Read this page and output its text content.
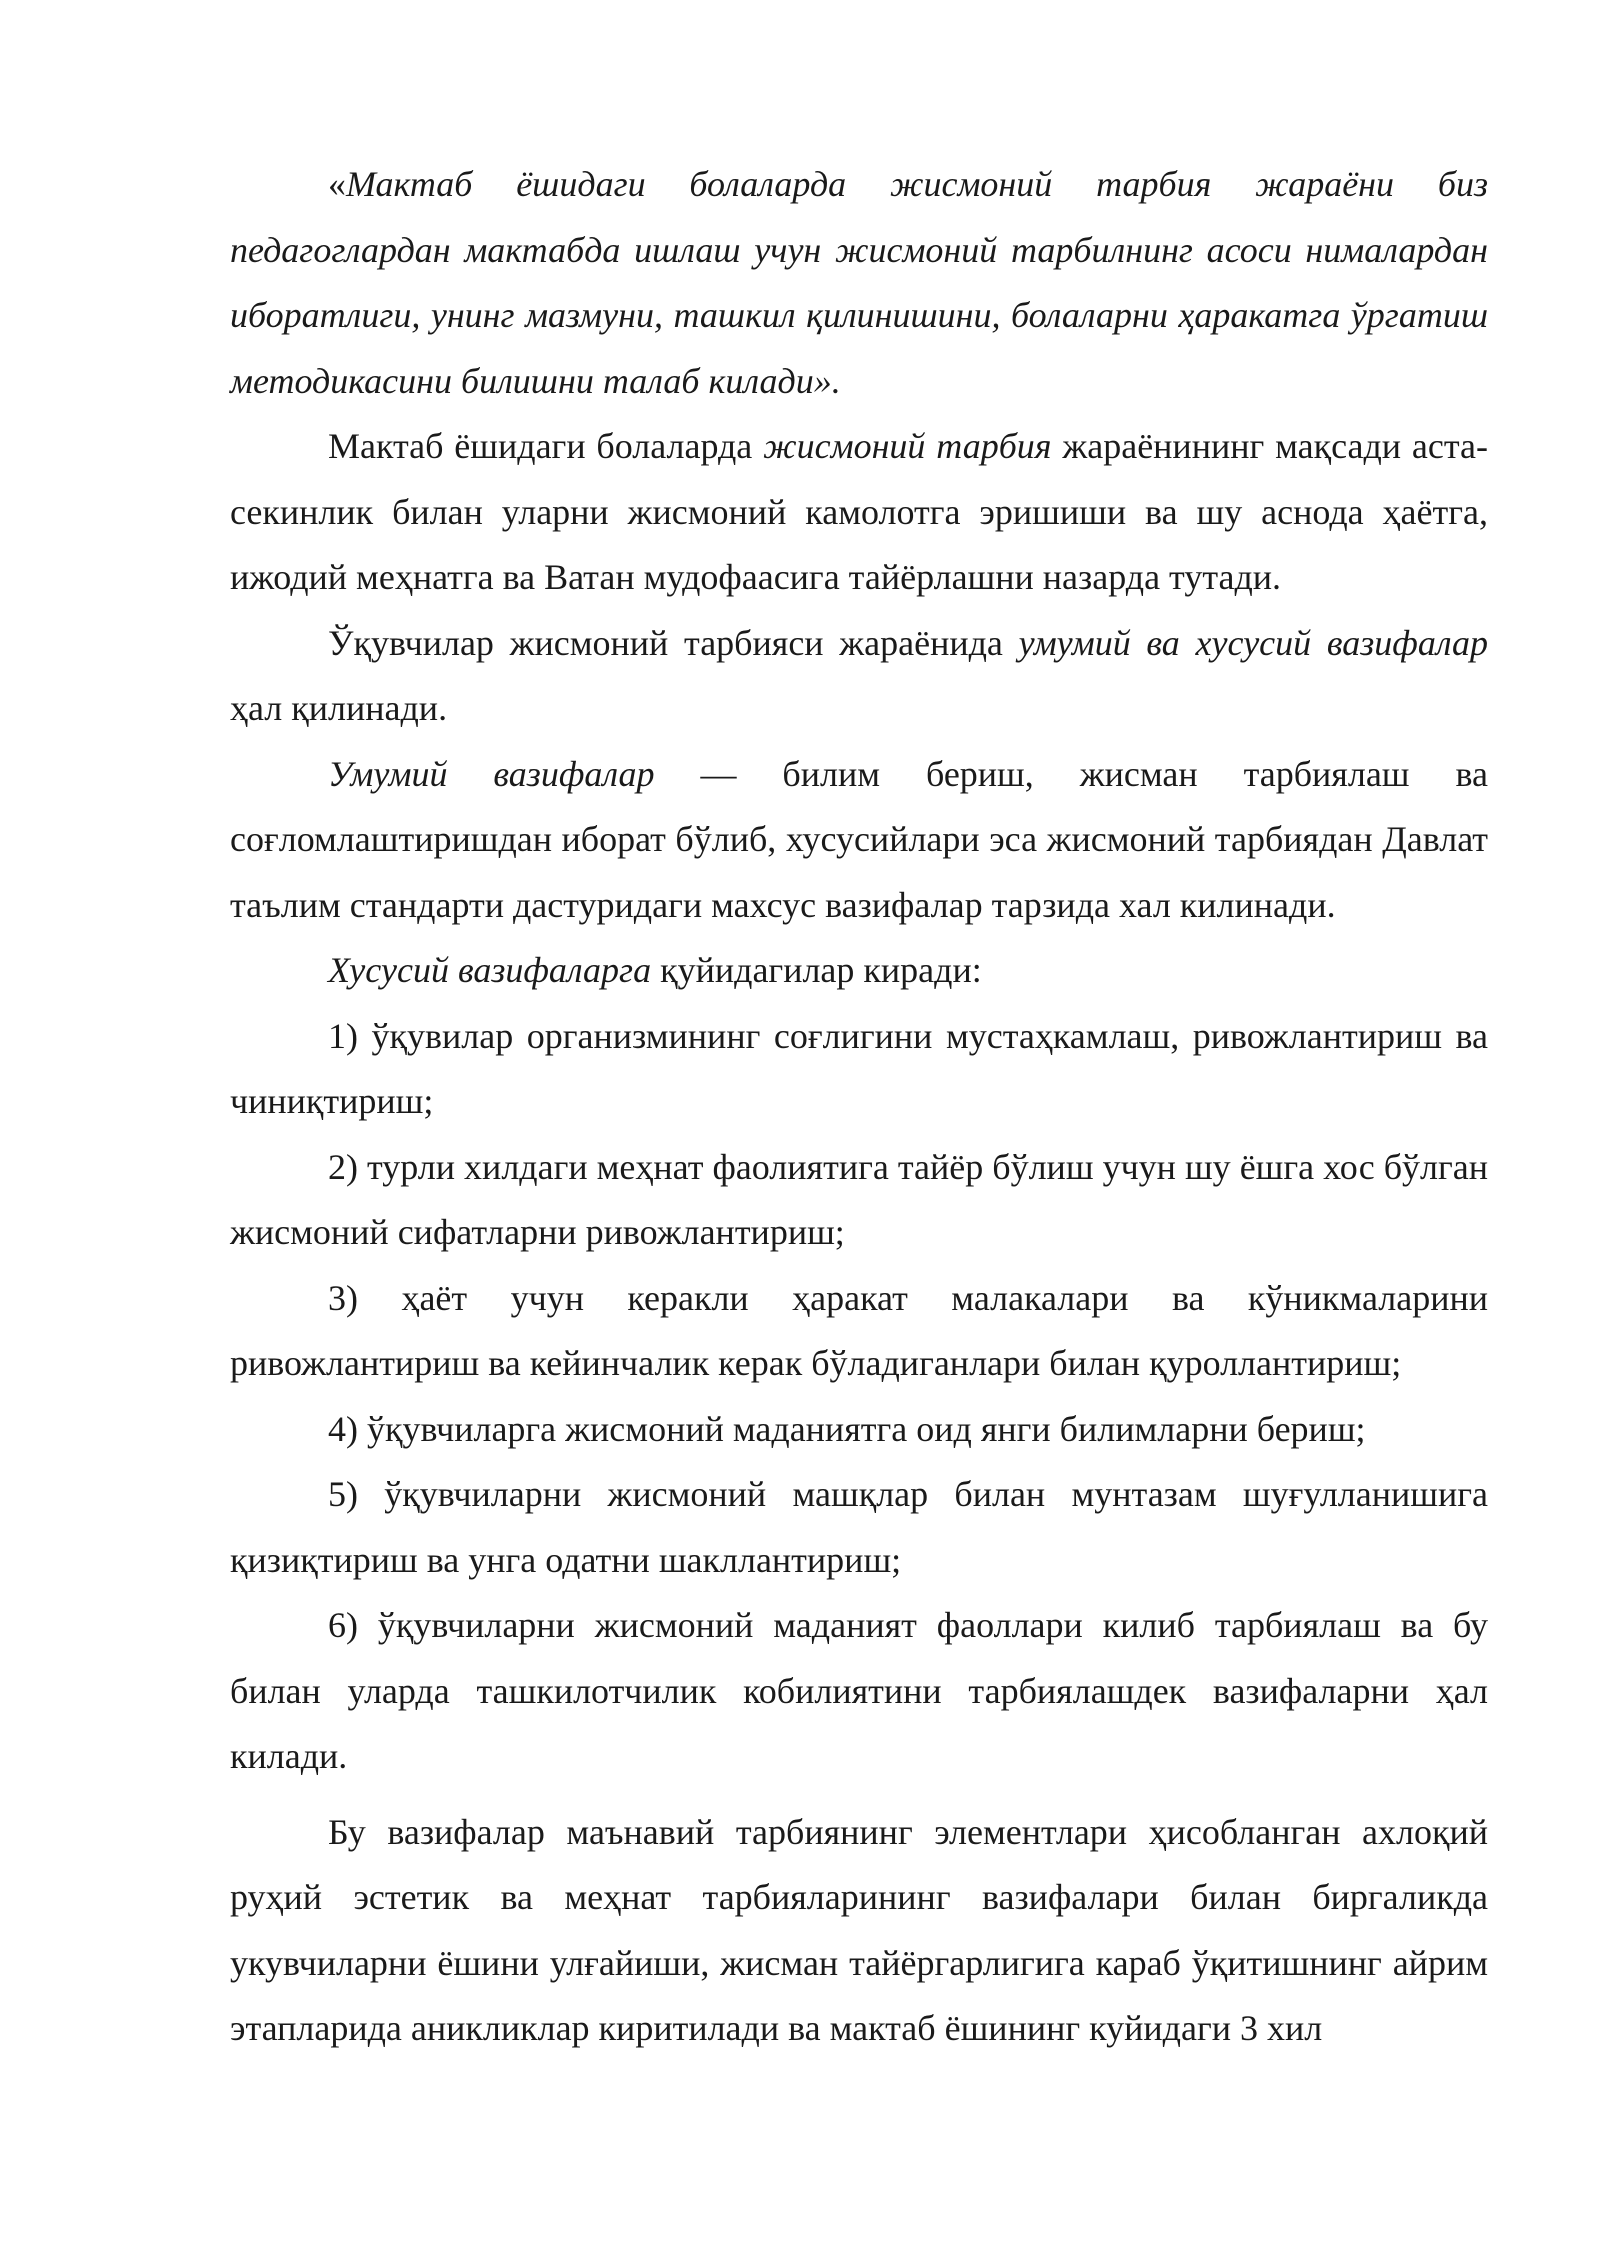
«Мактаб ёшидаги болаларда жисмоний тарбия жараёни биз педагоглардан мактабда ишлаш учун жисмоний тарбилнинг асоси нималардан иборатлиги, унинг мазмуни, ташкил қилинишини, болаларни ҳаракатга ўргатиш методикасини билишни талаб килади».

Мактаб ёшидаги болаларда жисмоний тарбия жараёнининг мақсади аста-секинлик билан уларни жисмоний камолотга эришиши ва шу аснода ҳаётга, ижодий меҳнатга ва Ватан мудофаасига тайёрлашни назарда тутади.

Ўқувчилар жисмоний тарбияси жараёнида умумий ва хусусий вазифалар ҳал қилинади.

Умумий вазифалар — билим бериш, жисман тарбиялаш ва соғломлаштиришдан иборат бўлиб, хусусийлари эса жисмоний тарбиядан Давлат таълим стандарти дастуридаги махсус вазифалар тарзида хал килинади.

Хусусий вазифаларга қуйидагилар киради:

1) ўқувилар организмининг соғлигини мустаҳкамлаш, ривожлантириш ва чиниқтириш;

2) турли хилдаги меҳнат фаолиятига тайёр бўлиш учун шу ёшга хос бўлган жисмоний сифатларни ривожлантириш;

3) ҳаёт учун керакли ҳаракат малакалари ва кўникмаларини ривожлантириш ва кейинчалик керак бўладиганлари билан қуроллантириш;

4) ўқувчиларга жисмоний маданиятга оид янги билимларни бериш;

5) ўқувчиларни жисмоний машқлар билан мунтазам шуғулланишига қизиқтириш ва унга одатни шакллантириш;

6) ўқувчиларни жисмоний маданият фаоллари килиб тарбиялаш ва бу билан уларда ташкилотчилик кобилиятини тарбиялашдек вазифаларни ҳал килади.

Бу вазифалар маънавий тарбиянинг элементлари ҳисобланган ахлоқий руҳий эстетик ва меҳнат тарбияларининг вазифалари билан биргаликда укувчиларни ёшини улғайиши, жисман тайёргарлигига караб ўқитишнинг айрим этапларида аникликлар киритилади ва мактаб ёшининг куйидаги 3 хил
